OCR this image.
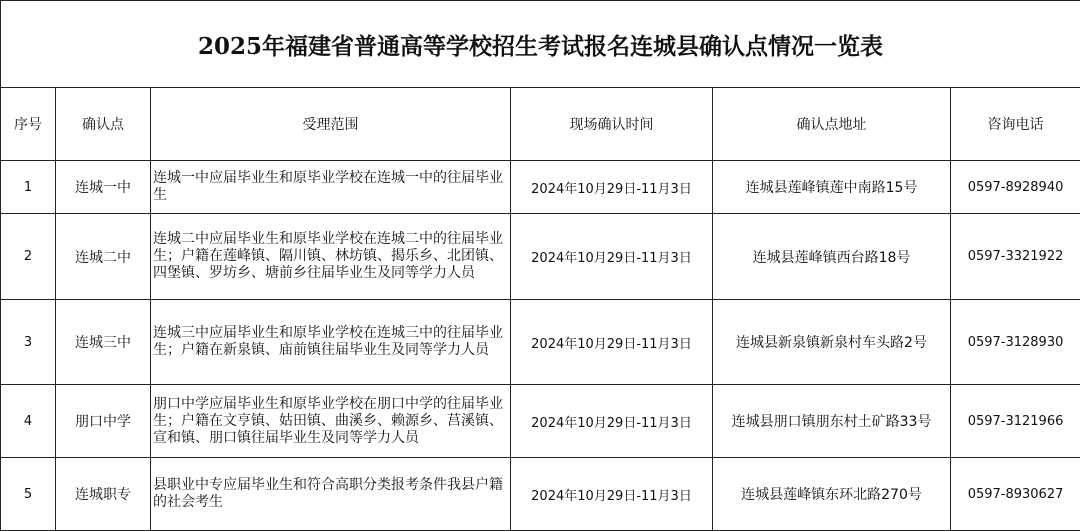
2025年福建省普通高等学校招生考试报名连城县确认点情况一览表					
序号	确认点	受理范围	现场确认时间	确认点地址	咨询电话
1	连城一中	连城一中应届毕业生和原毕业学校在连城一中的往届毕业生	2024年10月29日-11月3日	连城县莲峰镇莲中南路15号	0597-8928940
2	连城二中	连城二中应届毕业生和原毕业学校在连城二中的往届毕业生；户籍在莲峰镇、隔川镇、林坊镇、揭乐乡、北团镇、四堡镇、罗坊乡、塘前乡往届毕业生及同等学力人员	2024年10月29日-11月3日	连城县莲峰镇西台路18号	0597-3321922
3	连城三中	连城三中应届毕业生和原毕业学校在连城三中的往届毕业生；户籍在新泉镇、庙前镇往届毕业生及同等学力人员	2024年10月29日-11月3日	连城县新泉镇新泉村车头路2号	0597-3128930
4	朋口中学	朋口中学应届毕业生和原毕业学校在朋口中学的往届毕业生；户籍在文亨镇、姑田镇、曲溪乡、赖源乡、莒溪镇、宣和镇、朋口镇往届毕业生及同等学力人员	2024年10月29日-11月3日	连城县朋口镇朋东村土矿路33号	0597-3121966
5	连城职专	县职业中专应届毕业生和符合高职分类报考条件我县户籍的社会考生	2024年10月29日-11月3日	连城县莲峰镇东环北路270号	0597-8930627
